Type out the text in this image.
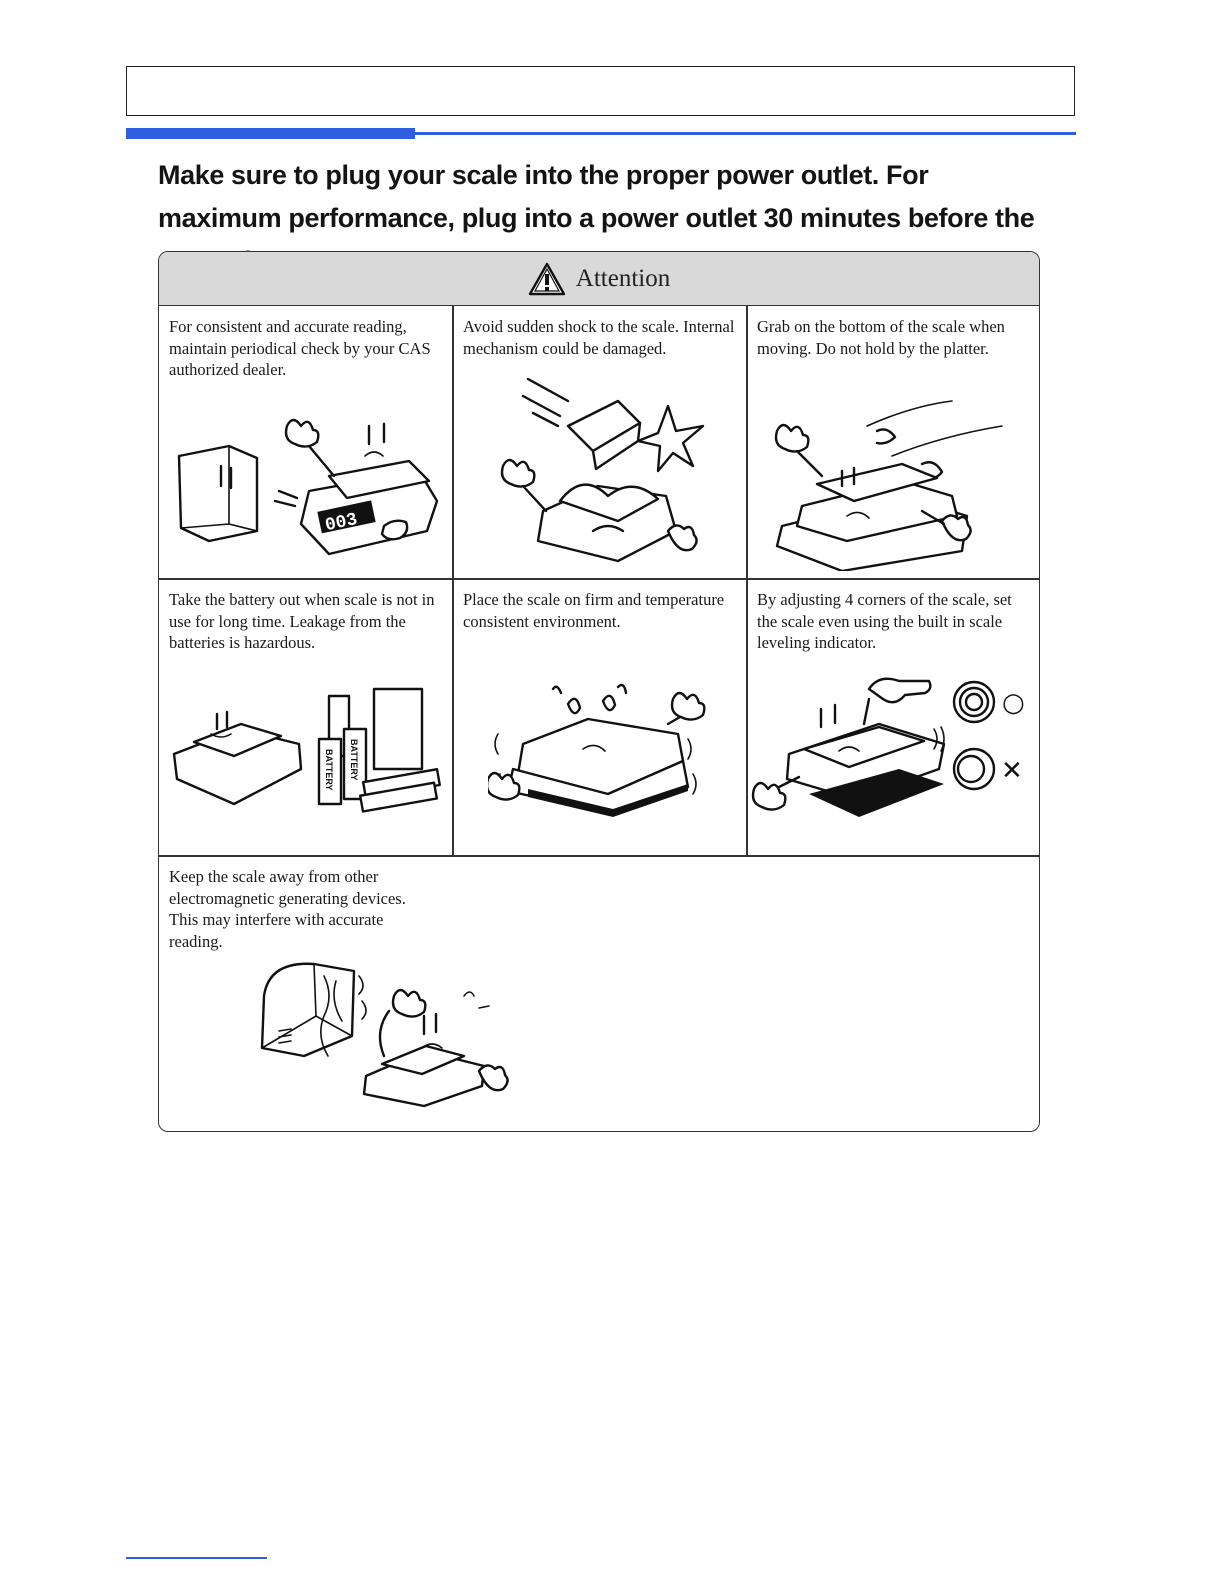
Make sure to plug your scale into the proper power outlet. For maximum performance, plug into a power outlet 30 minutes before the

Attention

For consistent and accurate reading, maintain periodical check by your CAS authorized dealer.

003

Avoid sudden shock to the scale. Internal mechanism could be damaged.

Grab on the bottom of the scale when moving. Do not hold by the platter.

Take the battery out when scale is not in use for long time. Leakage from the batteries is hazardous.

BATTERY BATTERY

Place the scale on firm and temperature consistent environment.

By adjusting 4 corners of the scale, set the scale even using the built in scale leveling indicator.

○
✕

Keep the scale away from other electromagnetic generating devices. This may interfere with accurate reading.
